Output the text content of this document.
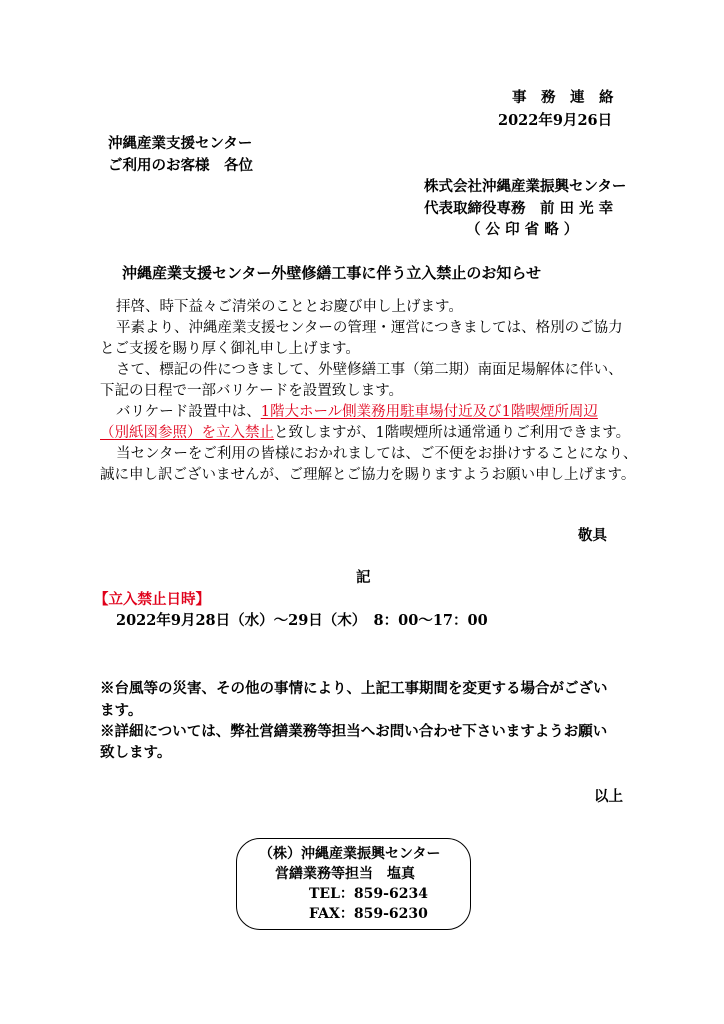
事　務　連　絡
2022年9月26日
沖縄産業支援センター
ご利用のお客様　各位
株式会社沖縄産業振興センター
代表取締役専務　前 田 光 幸
（ 公 印 省 略 ）
沖縄産業支援センター外壁修繕工事に伴う立入禁止のお知らせ

拝啓、時下益々ご清栄のこととお慶び申し上げます。

平素より、沖縄産業支援センターの管理・運営につきましては、格別のご協力

とご支援を賜り厚く御礼申し上げます。

さて、標記の件につきまして、外壁修繕工事（第二期）南面足場解体に伴い、

下記の日程で一部バリケードを設置致します。

バリケード設置中は、1階大ホール側業務用駐車場付近及び1階喫煙所周辺

（別紙図参照）を立入禁止と致しますが、1階喫煙所は通常通りご利用できます。

当センターをご利用の皆様におかれましては、ご不便をお掛けすることになり、

誠に申し訳ございませんが、ご理解とご協力を賜りますようお願い申し上げます。

敬具
記
【立入禁止日時】
2022年9月28日（水）～29日（木）　8：00～17：00
※台風等の災害、その他の事情により、上記工事期間を変更する場合がござい
ます。
※詳細については、弊社営繕業務等担当へお問い合わせ下さいますようお願い
致します。
以上
（株）沖縄産業振興センター
営繕業務等担当　塩真
TEL：859-6234
FAX：859-6230
